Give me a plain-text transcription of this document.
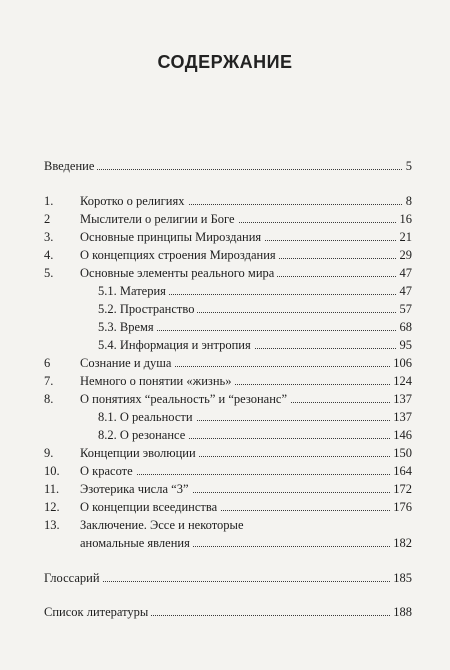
СОДЕРЖАНИЕ
Введение	5
1. Коротко о религиях	8
2 Мыслители о религии и Боге	16
3. Основные принципы Мироздания	21
4. О концепциях строения Мироздания	29
5. Основные элементы реального мира	47
5.1. Материя	47
5.2. Пространство	57
5.3. Время	68
5.4. Информация и энтропия	95
6 Сознание и душа	106
7. Немного о понятии «жизнь»	124
8. О понятиях “реальность” и “резонанс”	137
8.1. О реальности	137
8.2. О резонансе	146
9. Концепции эволюции	150
10. О красоте	164
11. Эзотерика числа “3”	172
12. О концепции всеединства	176
13. Заключение. Эссе и некоторые
аномальные явления	182
Глоссарий	185
Список литературы	188
